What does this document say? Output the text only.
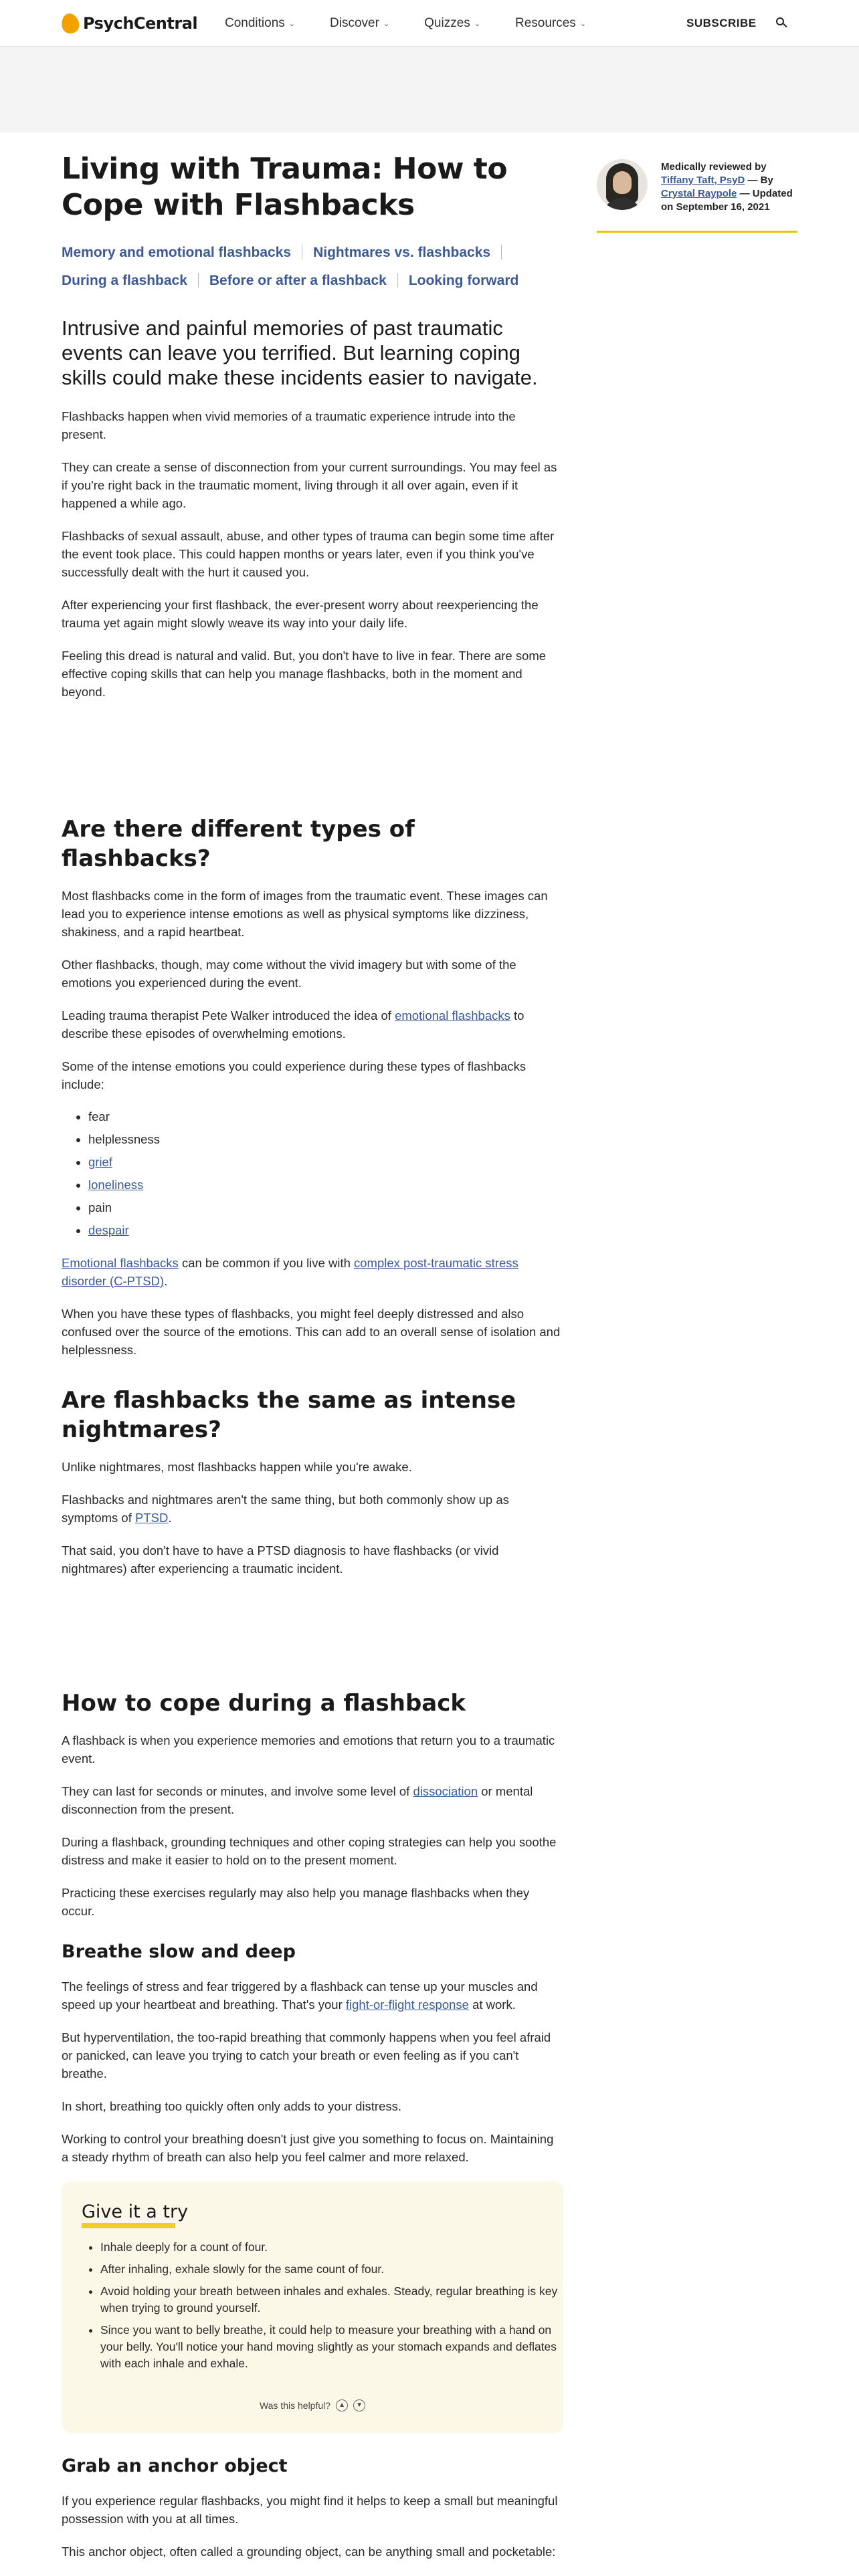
PsychCentral Conditions ⌄	Discover ⌄	Quizzes ⌄	Resources ⌄	SUBSCRIBE
Medically reviewed by
Tiffany Taft, PsyD — By
Crystal Raypole — Updated on September 16, 2021
Living with Trauma: How to Cope with Flashbacks
Memory and emotional flashbacks Nightmares vs. flashbacks
During a flashback Before or after a flashback Looking forward

Intrusive and painful memories of past traumatic events can leave you terrified. But learning coping skills could make these incidents easier to navigate.

Flashbacks happen when vivid memories of a traumatic experience intrude into the present.

They can create a sense of disconnection from your current surroundings. You may feel as if you're right back in the traumatic moment, living through it all over again, even if it happened a while ago.

Flashbacks of sexual assault, abuse, and other types of trauma can begin some time after the event took place. This could happen months or years later, even if you think you've successfully dealt with the hurt it caused you.

After experiencing your first flashback, the ever-present worry about reexperiencing the trauma yet again might slowly weave its way into your daily life.

Feeling this dread is natural and valid. But, you don't have to live in fear. There are some effective coping skills that can help you manage flashbacks, both in the moment and beyond.

Are there different types of flashbacks?

Most flashbacks come in the form of images from the traumatic event. These images can lead you to experience intense emotions as well as physical symptoms like dizziness, shakiness, and a rapid heartbeat.

Other flashbacks, though, may come without the vivid imagery but with some of the emotions you experienced during the event.

Leading trauma therapist Pete Walker introduced the idea of emotional flashbacks to describe these episodes of overwhelming emotions.

Some of the intense emotions you could experience during these types of flashbacks include:

• fear
• helplessness
• grief
• loneliness
• pain
• despair

Emotional flashbacks can be common if you live with complex post-traumatic stress disorder (C-PTSD).

When you have these types of flashbacks, you might feel deeply distressed and also confused over the source of the emotions. This can add to an overall sense of isolation and helplessness.

Are flashbacks the same as intense nightmares?

Unlike nightmares, most flashbacks happen while you're awake.

Flashbacks and nightmares aren't the same thing, but both commonly show up as symptoms of PTSD.

That said, you don't have to have a PTSD diagnosis to have flashbacks (or vivid nightmares) after experiencing a traumatic incident.

How to cope during a flashback

A flashback is when you experience memories and emotions that return you to a traumatic event.

They can last for seconds or minutes, and involve some level of dissociation or mental disconnection from the present.

During a flashback, grounding techniques and other coping strategies can help you soothe distress and make it easier to hold on to the present moment.

Practicing these exercises regularly may also help you manage flashbacks when they occur.

Breathe slow and deep

The feelings of stress and fear triggered by a flashback can tense up your muscles and speed up your heartbeat and breathing. That's your fight-or-flight response at work.

But hyperventilation, the too-rapid breathing that commonly happens when you feel afraid or panicked, can leave you trying to catch your breath or even feeling as if you can't breathe.

In short, breathing too quickly often only adds to your distress.

Working to control your breathing doesn't just give you something to focus on. Maintaining a steady rhythm of breath can also help you feel calmer and more relaxed.

Give it a try
• Inhale deeply for a count of four.
• After inhaling, exhale slowly for the same count of four.
• Avoid holding your breath between inhales and exhales. Steady, regular breathing is key when trying to ground yourself.
• Since you want to belly breathe, it could help to measure your breathing with a hand on your belly. You'll notice your hand moving slightly as your stomach expands and deflates with each inhale and exhale.
Was this helpful?	▲	▼
Grab an anchor object

If you experience regular flashbacks, you might find it helps to keep a small but meaningful possession with you at all times.

This anchor object, often called a grounding object, can be anything small and pocketable:
